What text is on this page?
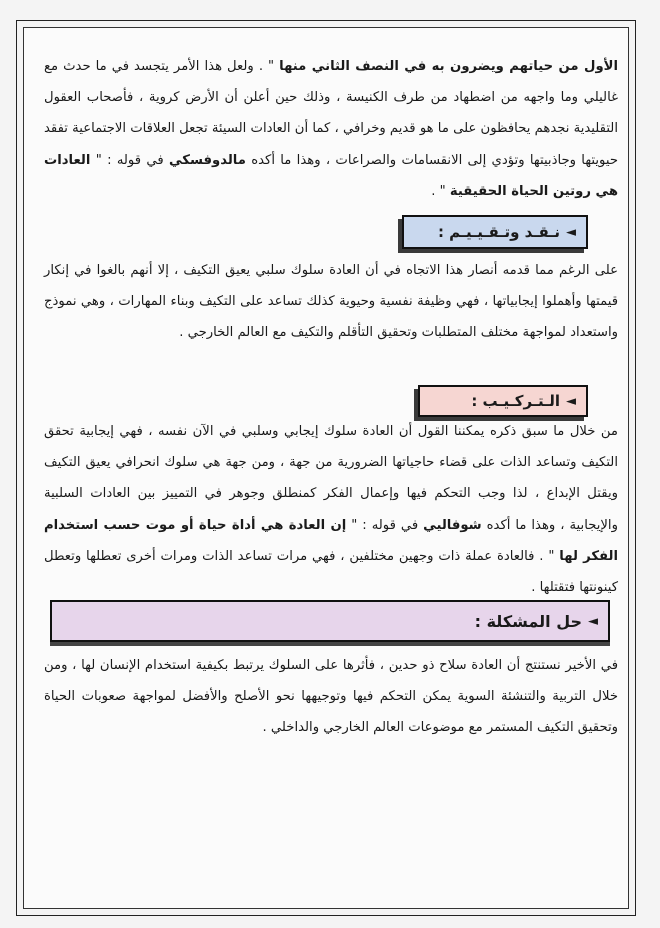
الأول من حياتهم ويضرون به في النصف الثاني منها " . ولعل هذا الأمر يتجسد في ما حدث مع غاليلي وما واجهه من اضطهاد من طرف الكنيسة ، وذلك حين أعلن أن الأرض كروية ، فأصحاب العقول التقليدية نجدهم يحافظون على ما هو قديم وخرافي ، كما أن العادات السيئة تجعل العلاقات الاجتماعية تفقد حيويتها وجاذبيتها وتؤدي إلى الانقسامات والصراعات ، وهذا ما أكده مالدوفسكي في قوله : " العادات هي روتين الحياة الحقيقية " .
◄
نـقـد وتـقـيـيـم :
على الرغم مما قدمه أنصار هذا الاتجاه في أن العادة سلوك سلبي يعيق التكيف ، إلا أنهم بالغوا في إنكار قيمتها وأهملوا إيجابياتها ، فهي وظيفة نفسية وحيوية كذلك تساعد على التكيف وبناء المهارات ، وهي نموذج واستعداد لمواجهة مختلف المتطلبات وتحقيق التأقلم والتكيف مع العالم الخارجي .
◄
الـتـركـيـب :
من خلال ما سبق ذكره يمكننا القول أن العادة سلوك إيجابي وسلبي في الآن نفسه ، فهي إيجابية تحقق التكيف وتساعد الذات على قضاء حاجياتها الضرورية من جهة ، ومن جهة هي سلوك انحرافي يعيق التكيف ويقتل الإبداع ، لذا وجب التحكم فيها وإعمال الفكر كمنطلق وجوهر في التمييز بين العادات السلبية والإيجابية ، وهذا ما أكده شوفاليي في قوله : " إن العادة هي أداة حياة أو موت حسب استخدام الفكر لها " . فالعادة عملة ذات وجهين مختلفين ، فهي مرات تساعد الذات ومرات أخرى تعطلها وتعطل كينونتها فتقتلها .
◄
حل المشكلة :
في الأخير نستنتج أن العادة سلاح ذو حدين ، فأثرها على السلوك يرتبط بكيفية استخدام الإنسان لها ، ومن خلال التربية والتنشئة السوية يمكن التحكم فيها وتوجيهها نحو الأصلح والأفضل لمواجهة صعوبات الحياة وتحقيق التكيف المستمر مع موضوعات العالم الخارجي والداخلي .
